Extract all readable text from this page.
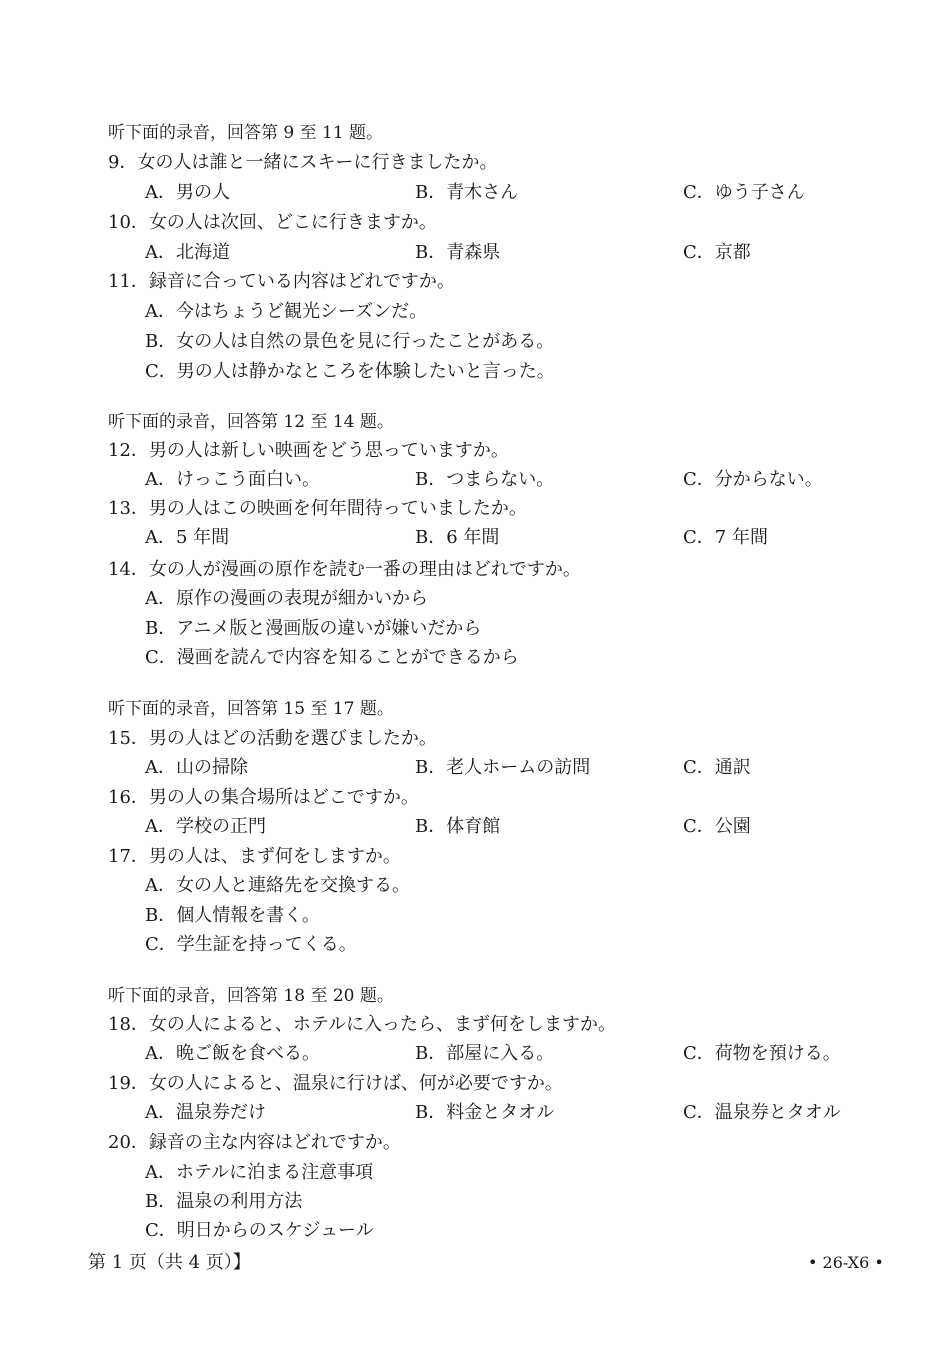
听下面的录音，回答第 9 至 11 题。
9．女の人は誰と一緒にスキーに行きましたか。
A．男の人	B．青木さん	C．ゆう子さん
10．女の人は次回、どこに行きますか。
A．北海道	B．青森県	C．京都
11．録音に合っている内容はどれですか。
A．今はちょうど観光シーズンだ。
B．女の人は自然の景色を見に行ったことがある。
C．男の人は静かなところを体験したいと言った。
听下面的录音，回答第 12 至 14 题。
12．男の人は新しい映画をどう思っていますか。
A．けっこう面白い。	B．つまらない。	C．分からない。
13．男の人はこの映画を何年間待っていましたか。
A．5 年間	B．6 年間	C．7 年間
14．女の人が漫画の原作を読む一番の理由はどれですか。
A．原作の漫画の表現が細かいから
B．アニメ版と漫画版の違いが嫌いだから
C．漫画を読んで内容を知ることができるから
听下面的录音，回答第 15 至 17 题。
15．男の人はどの活動を選びましたか。
A．山の掃除	B．老人ホームの訪問	C．通訳
16．男の人の集合場所はどこですか。
A．学校の正門	B．体育館	C．公園
17．男の人は、まず何をしますか。
A．女の人と連絡先を交換する。
B．個人情報を書く。
C．学生証を持ってくる。
听下面的录音，回答第 18 至 20 题。
18．女の人によると、ホテルに入ったら、まず何をしますか。
A．晩ご飯を食べる。	B．部屋に入る。	C．荷物を預ける。
19．女の人によると、温泉に行けば、何が必要ですか。
A．温泉券だけ	B．料金とタオル	C．温泉券とタオル
20．録音の主な内容はどれですか。
A．ホテルに泊まる注意事項
B．温泉の利用方法
C．明日からのスケジュール
第 1 页（共 4 页）】	• 26-X6 •
